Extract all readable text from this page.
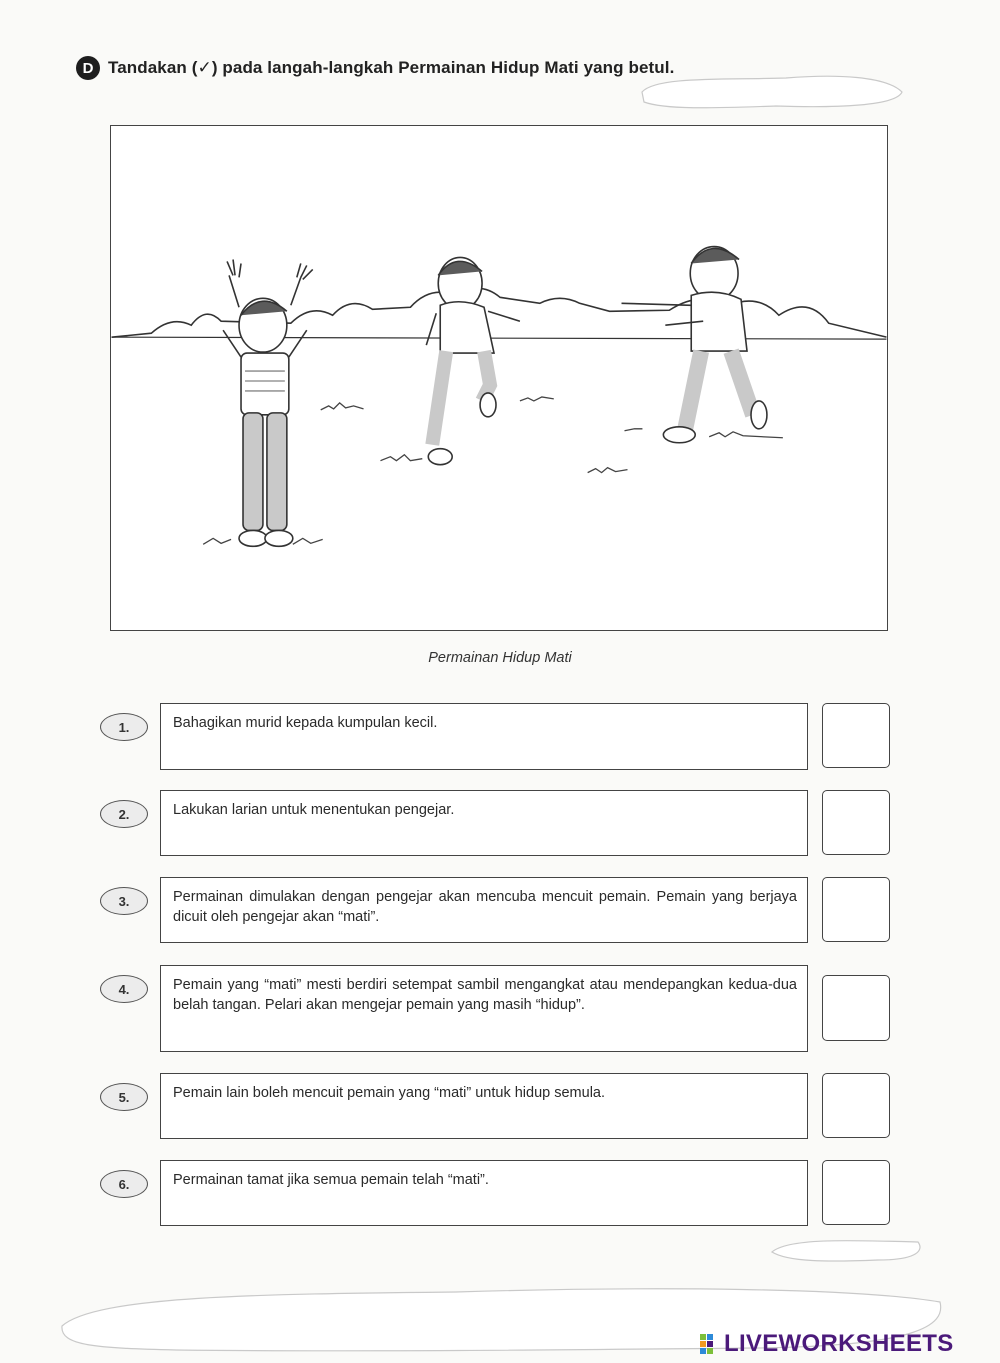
D Tandakan (✓) pada langah-langkah Permainan Hidup Mati yang betul.
Permainan Hidup Mati
1.	Bahagikan murid kepada kumpulan kecil.
2.	Lakukan larian untuk menentukan pengejar.
3.	Permainan dimulakan dengan pengejar akan mencuba mencuit pemain. Pemain yang berjaya dicuit oleh pengejar akan “mati”.
4.	Pemain yang “mati” mesti berdiri setempat sambil mengangkat atau mendepangkan kedua-dua belah tangan. Pelari akan mengejar pemain yang masih “hidup”.
5.	Pemain lain boleh mencuit pemain yang “mati” untuk hidup semula.
6.	Permainan tamat jika semua pemain telah “mati”.
LIVEWORKSHEETS
